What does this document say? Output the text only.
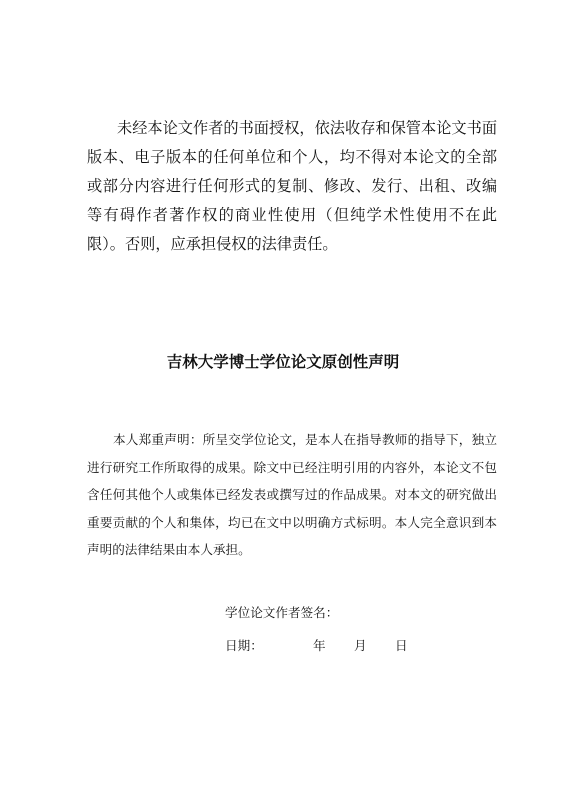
未经本论文作者的书面授权，依法收存和保管本论文书面版本、电子版本的任何单位和个人，均不得对本论文的全部或部分内容进行任何形式的复制、修改、发行、出租、改编等有碍作者著作权的商业性使用（但纯学术性使用不在此限）。否则，应承担侵权的法律责任。

吉林大学博士学位论文原创性声明

本人郑重声明：所呈交学位论文，是本人在指导教师的指导下，独立进行研究工作所取得的成果。除文中已经注明引用的内容外，本论文不包含任何其他个人或集体已经发表或撰写过的作品成果。对本文的研究做出重要贡献的个人和集体，均已在文中以明确方式标明。本人完全意识到本声明的法律结果由本人承担。

学位论文作者签名：
日期：	年 月 日
